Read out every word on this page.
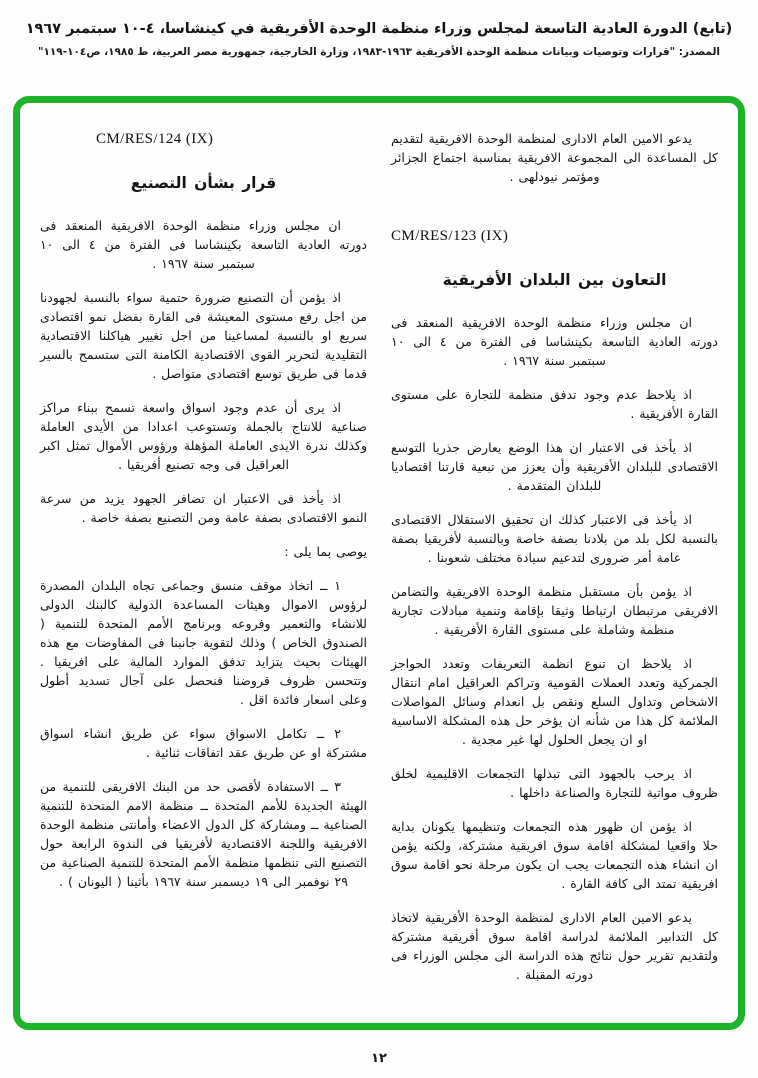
(تابع) الدورة العادية التاسعة لمجلس وزراء منظمة الوحدة الأفريقية في كينشاسا، ٤-١٠ سبتمبر ١٩٦٧
المصدر: "قرارات وتوصيات وبيانات منظمة الوحدة الأفريقية ١٩٦٣-١٩٨٣، وزارة الخارجية، جمهورية مصر العربية، ط ١٩٨٥، ص١٠٤-١١٩"

يدعو الامين العام الادارى لمنظمة الوحدة الافريقية لتقديم كل المساعدة الى المجموعة الافريقية بمناسبة اجتماع الجزائر ومؤتمر نيودلهى .

CM/RES/123 (IX)
التعاون بين البلدان الأفريقية

ان مجلس وزراء منظمة الوحدة الافريقية المنعقد فى دورته العادية التاسعة بكينشاسا فى الفترة من ٤ الى ١٠ سبتمبر سنة ١٩٦٧ .

اذ يلاحظ عدم وجود تدفق منظمة للتجارة على مستوى القارة الأفريقية .

اذ يأخذ فى الاعتبار ان هذا الوضع يعارض جذريا التوسع الاقتصادى للبلدان الأفريقية وأن يعزز من تبعية قارتنا اقتصاديا للبلدان المتقدمة .

اذ يأخذ فى الاعتبار كذلك ان تحقيق الاستقلال الاقتصادى بالنسبة لكل بلد من بلادنا بصفة خاصة وبالنسبة لأفريقيا بصفة عامة أمر ضرورى لتدعيم سيادة مختلف شعوبنا .

اذ يؤمن بأن مستقبل منظمة الوحدة الافريقية والتضامن الافريقى مرتبطان ارتباطا وثيقا بإقامة وتنمية مبادلات تجارية منظمة وشاملة على مستوى القارة الأفريقية .

اذ يلاحظ ان تنوع انظمة التعريفات وتعدد الحواجز الجمركية وتعدد العملات القومية وتراكم العراقيل امام انتقال الاشخاص وتداول السلع ونقص بل انعدام وسائل المواصلات الملائمة كل هذا من شأنه ان يؤخر حل هذه المشكلة الاساسية او ان يجعل الحلول لها غير مجدية .

اذ يرحب بالجهود التى تبذلها التجمعات الاقليمية لخلق ظروف مواتية للتجارة والصناعة داخلها .

اذ يؤمن ان ظهور هذه التجمعات وتنظيمها يكونان بداية حلا واقعيا لمشكلة اقامة سوق افريقية مشتركة، ولكنه يؤمن ان انشاء هذه التجمعات يجب ان يكون مرحلة نحو اقامة سوق افريقية تمتد الى كافة القارة .

يدعو الامين العام الادارى لمنظمة الوحدة الأفريقية لاتخاذ كل التدابير الملائمة لدراسة اقامة سوق أفريقية مشتركة ولتقديم تقرير حول نتائج هذه الدراسة الى مجلس الوزراء فى دورته المقبلة .

CM/RES/124 (IX)
قرار بشأن التصنيع

ان مجلس وزراء منظمة الوحدة الافريقية المنعقد فى دورته العادية التاسعة بكينشاسا فى الفترة من ٤ الى ١٠ سبتمبر سنة ١٩٦٧ .

اذ يؤمن أن التصنيع ضرورة حتمية سواء بالنسبة لجهودنا من اجل رفع مستوى المعيشة فى القارة بفضل نمو اقتصادى سريع او بالنسبة لمساعينا من اجل تغيير هياكلنا الاقتصادية التقليدية لتحرير القوى الاقتصادية الكامنة التى ستسمح بالسير قدما فى طريق توسع اقتصادى متواصل .

اذ يرى أن عدم وجود اسواق واسعة تسمح ببناء مراكز صناعية للانتاج بالجملة وتستوعب اعدادا من الأيدى العاملة وكذلك ندرة الايدى العاملة المؤهلة ورؤوس الأموال تمثل اكبر العراقيل فى وجه تصنيع أفريقيا .

اذ يأخذ فى الاعتبار ان تضافر الجهود يزيد من سرعة النمو الاقتصادى بصفة عامة ومن التصنيع بصفة خاصة .

يوصى بما يلى :

١ ــ اتخاذ موقف منسق وجماعى تجاه البلدان المصدرة لرؤوس الاموال وهيئات المساعدة الدولية كالبنك الدولى للانشاء والتعمير وفروعه وبرنامج الأمم المتحدة للتنمية ( الصندوق الخاص ) وذلك لتقوية جانبنا فى المفاوضات مع هذه الهيئات بحيث يتزايد تدفق الموارد المالية على افريقيا . وتتحسن ظروف قروضنا فنحصل على آجال تسديد أطول وعلى اسعار فائدة اقل .

٢ ــ تكامل الاسواق سواء عن طريق انشاء اسواق مشتركة او عن طريق عقد اتفاقات ثنائية .

٣ ــ الاستفادة لأقصى حد من البنك الافريقى للتنمية من الهيئة الجديدة للأمم المتحدة ــ منظمة الامم المتحدة للتنمية الصناعية ــ ومشاركة كل الدول الاعضاء وأمانتى منظمة الوحدة الافريقية واللجنة الاقتصادية لأفريقيا فى الندوة الرابعة حول التصنيع التى تنظمها منظمة الأمم المتحدة للتنمية الصناعية من ٢٩ نوفمبر الى ١٩ ديسمبر سنة ١٩٦٧ بأثينا ( اليونان ) .

١٢
